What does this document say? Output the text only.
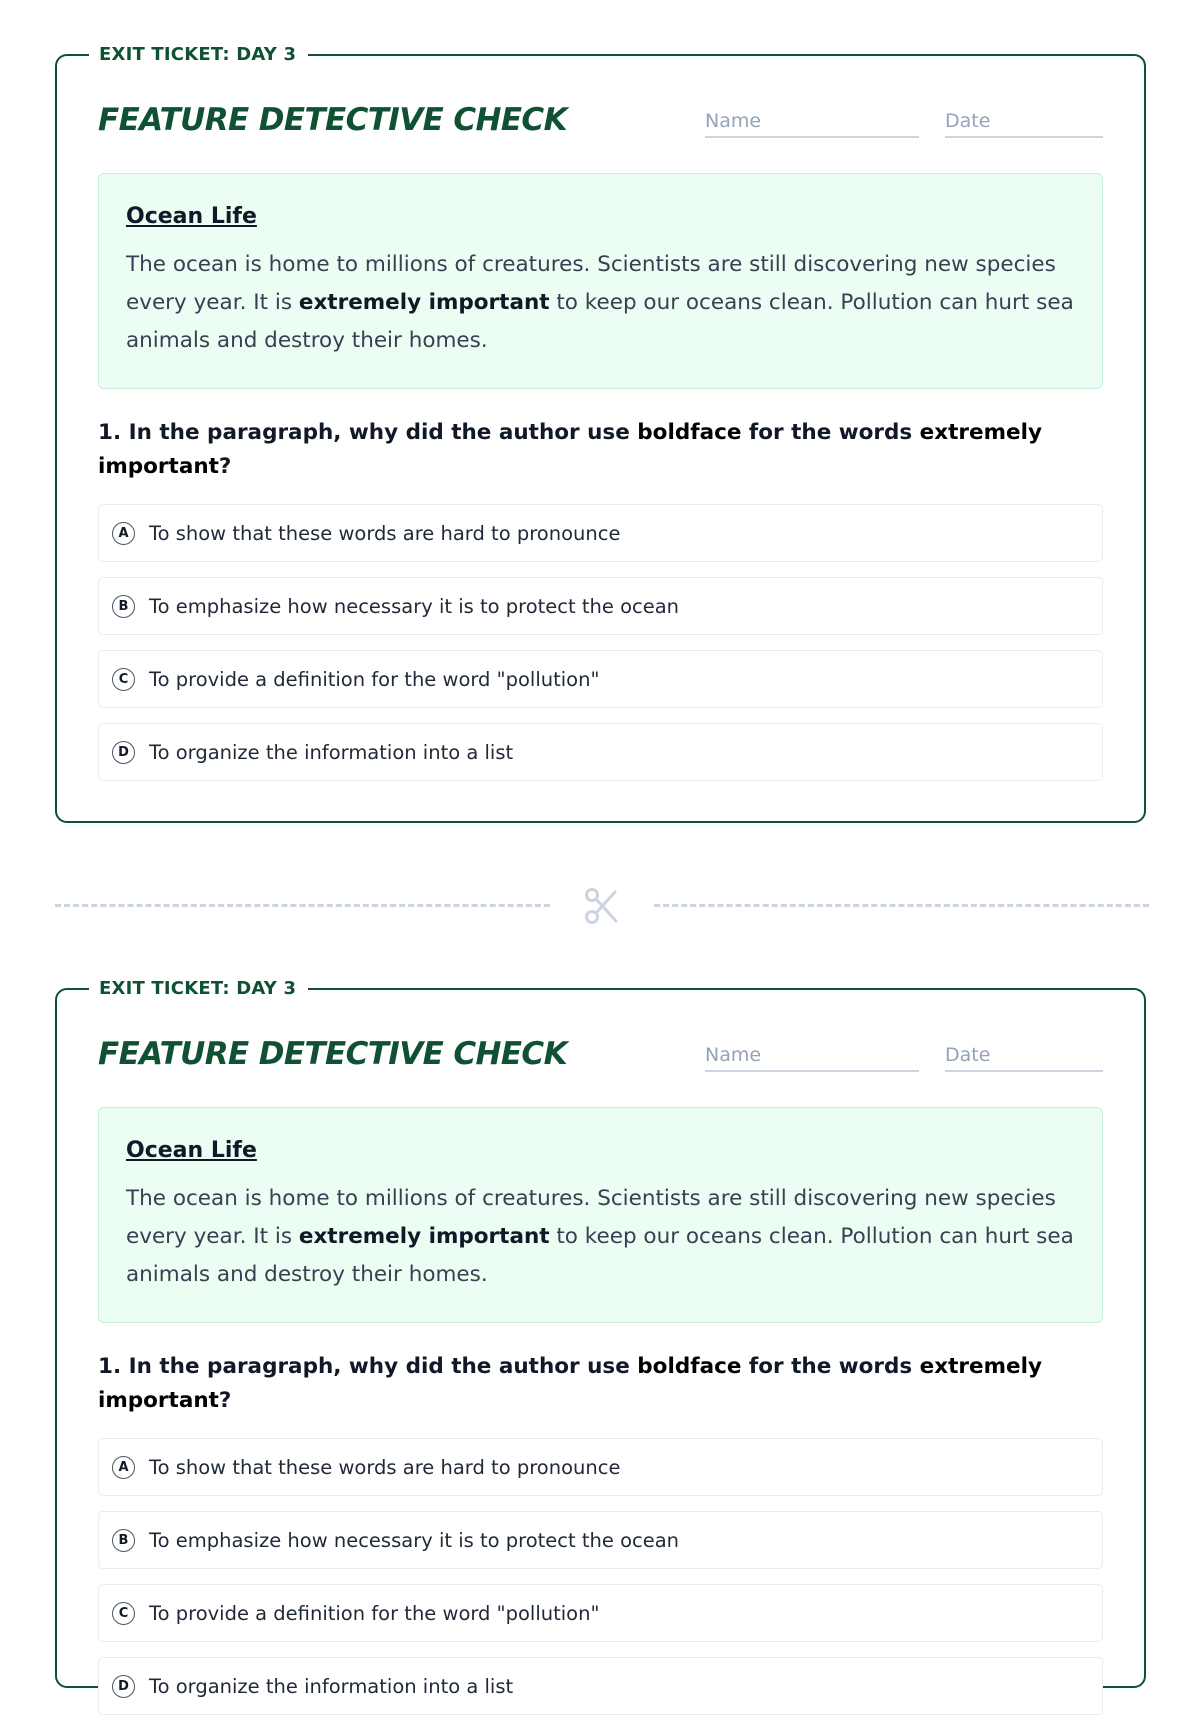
EXIT TICKET: DAY 3
FEATURE DETECTIVE CHECK	Name	Date
Ocean Life

The ocean is home to millions of creatures. Scientists are still discovering new species every year. It is extremely important to keep our oceans clean. Pollution can hurt sea animals and destroy their homes.

1. In the paragraph, why did the author use boldface for the words extremely important?

A	To show that these words are hard to pronounce
B	To emphasize how necessary it is to protect the ocean
C	To provide a definition for the word "pollution"
D	To organize the information into a list
EXIT TICKET: DAY 3
FEATURE DETECTIVE CHECK	Name	Date
Ocean Life

The ocean is home to millions of creatures. Scientists are still discovering new species every year. It is extremely important to keep our oceans clean. Pollution can hurt sea animals and destroy their homes.

1. In the paragraph, why did the author use boldface for the words extremely important?

A	To show that these words are hard to pronounce
B	To emphasize how necessary it is to protect the ocean
C	To provide a definition for the word "pollution"
D	To organize the information into a list
